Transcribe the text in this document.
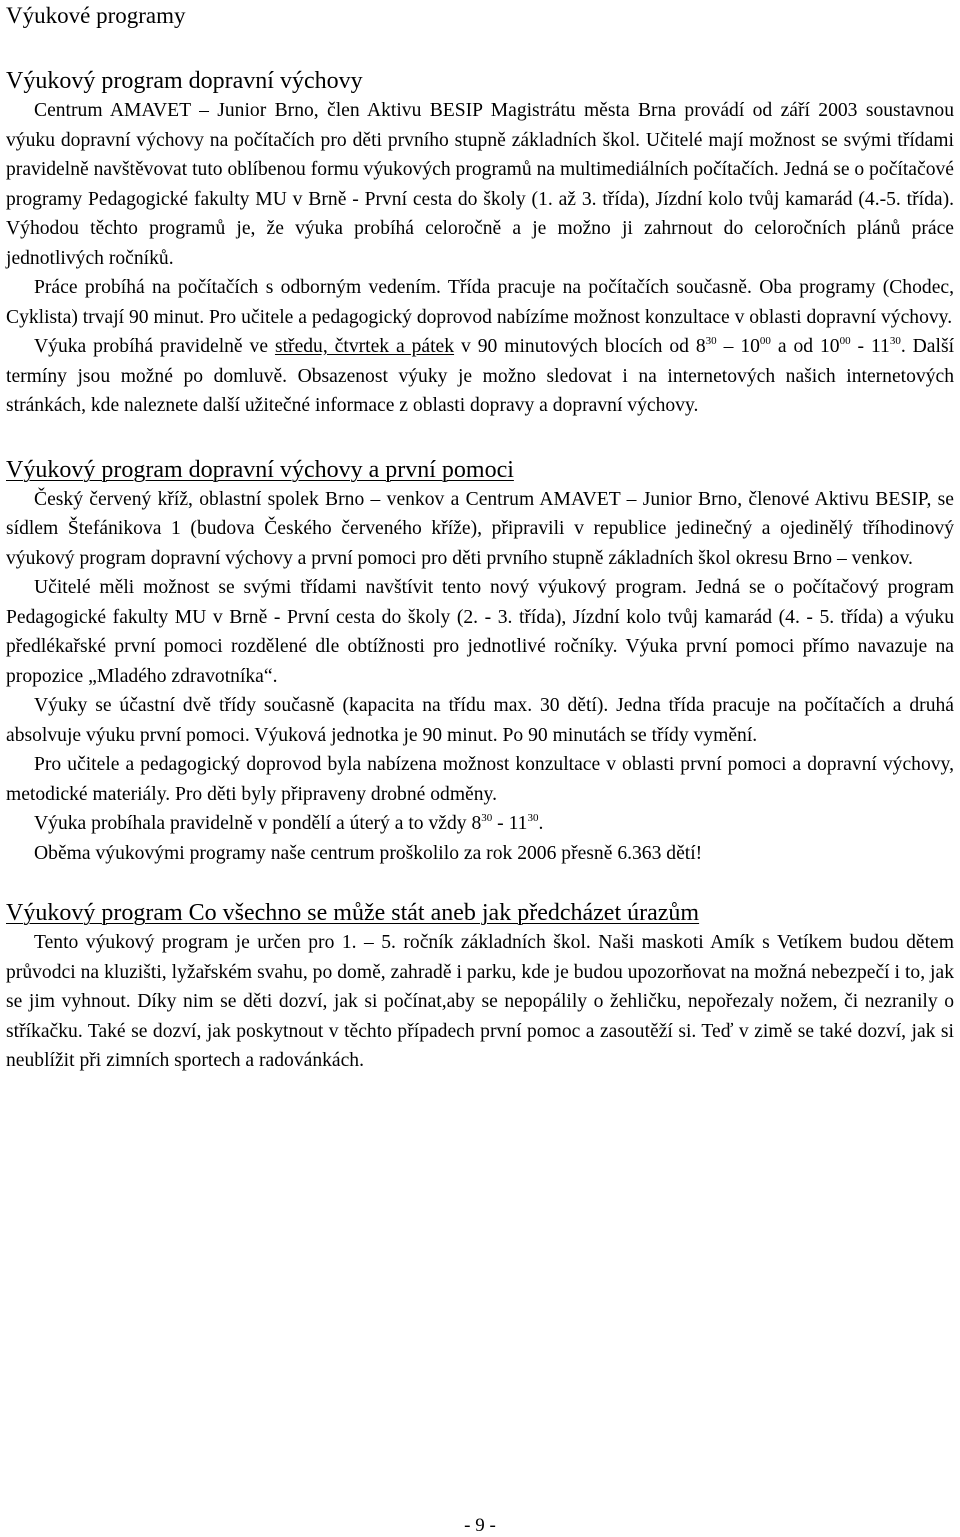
Výukové programy
Výukový program dopravní výchovy

Centrum AMAVET – Junior Brno, člen Aktivu BESIP Magistrátu města Brna provádí od září 2003 soustavnou výuku dopravní výchovy na počítačích pro děti prvního stupně základních škol. Učitelé mají možnost se svými třídami pravidelně navštěvovat tuto oblíbenou formu výukových programů na multimediálních počítačích. Jedná se o počítačové programy Pedagogické fakulty MU v Brně - První cesta do školy (1. až 3. třída), Jízdní kolo tvůj kamarád (4.-5. třída). Výhodou těchto programů je, že výuka probíhá celoročně a je možno ji zahrnout do celoročních plánů práce jednotlivých ročníků.

Práce probíhá na počítačích s odborným vedením. Třída pracuje na počítačích současně. Oba programy (Chodec, Cyklista) trvají 90 minut. Pro učitele a pedagogický doprovod nabízíme možnost konzultace v oblasti dopravní výchovy.

Výuka probíhá pravidelně ve středu, čtvrtek a pátek v 90 minutových blocích od $8^{30} - 10^{00}$ a od $10^{00} - 11^{30}$. Další termíny jsou možné po domluvě. Obsazenost výuky je možno sledovat i na internetových našich internetových stránkách, kde naleznete další užitečné informace z oblasti dopravy a dopravní výchovy.

Výukový program dopravní výchovy a první pomoci

Český červený kříž, oblastní spolek Brno – venkov a Centrum AMAVET – Junior Brno, členové Aktivu BESIP, se sídlem Štefánikova 1 (budova Českého červeného kříže), připravili v republice jedinečný a ojedinělý tříhodinový výukový program dopravní výchovy a první pomoci pro děti prvního stupně základních škol okresu Brno – venkov.

Učitelé měli možnost se svými třídami navštívit tento nový výukový program. Jedná se o počítačový program Pedagogické fakulty MU v Brně - První cesta do školy (2. - 3. třída), Jízdní kolo tvůj kamarád (4. - 5. třída) a výuku předlékařské první pomoci rozdělené dle obtížnosti pro jednotlivé ročníky. Výuka první pomoci přímo navazuje na propozice „Mladého zdravotníka“.

Výuky se účastní dvě třídy současně (kapacita na třídu max. 30 dětí). Jedna třída pracuje na počítačích a druhá absolvuje výuku první pomoci. Výuková jednotka je 90 minut. Po 90 minutách se třídy vymění.

Pro učitele a pedagogický doprovod byla nabízena možnost konzultace v oblasti první pomoci a dopravní výchovy, metodické materiály. Pro děti byly připraveny drobné odměny.

Výuka probíhala pravidelně v pondělí a úterý a to vždy $8^{30} - 11^{30}$.

Oběma výukovými programy naše centrum proškolilo za rok 2006 přesně 6.363 dětí!

Výukový program Co všechno se může stát aneb jak předcházet úrazům

Tento výukový program je určen pro 1. – 5. ročník základních škol. Naši maskoti Amík s Vetíkem budou dětem průvodci na kluzišti, lyžařském svahu, po domě, zahradě i parku, kde je budou upozorňovat na možná nebezpečí i to, jak se jim vyhnout. Díky nim se děti dozví, jak si počínat,aby se nepopálily o žehličku, nepořezaly nožem, či nezranily o stříkačku. Také se dozví, jak poskytnout v těchto případech první pomoc a zasoutěží si. Teď v zimě se také dozví, jak si neublížit při zimních sportech a radovánkách.

- 9 -
